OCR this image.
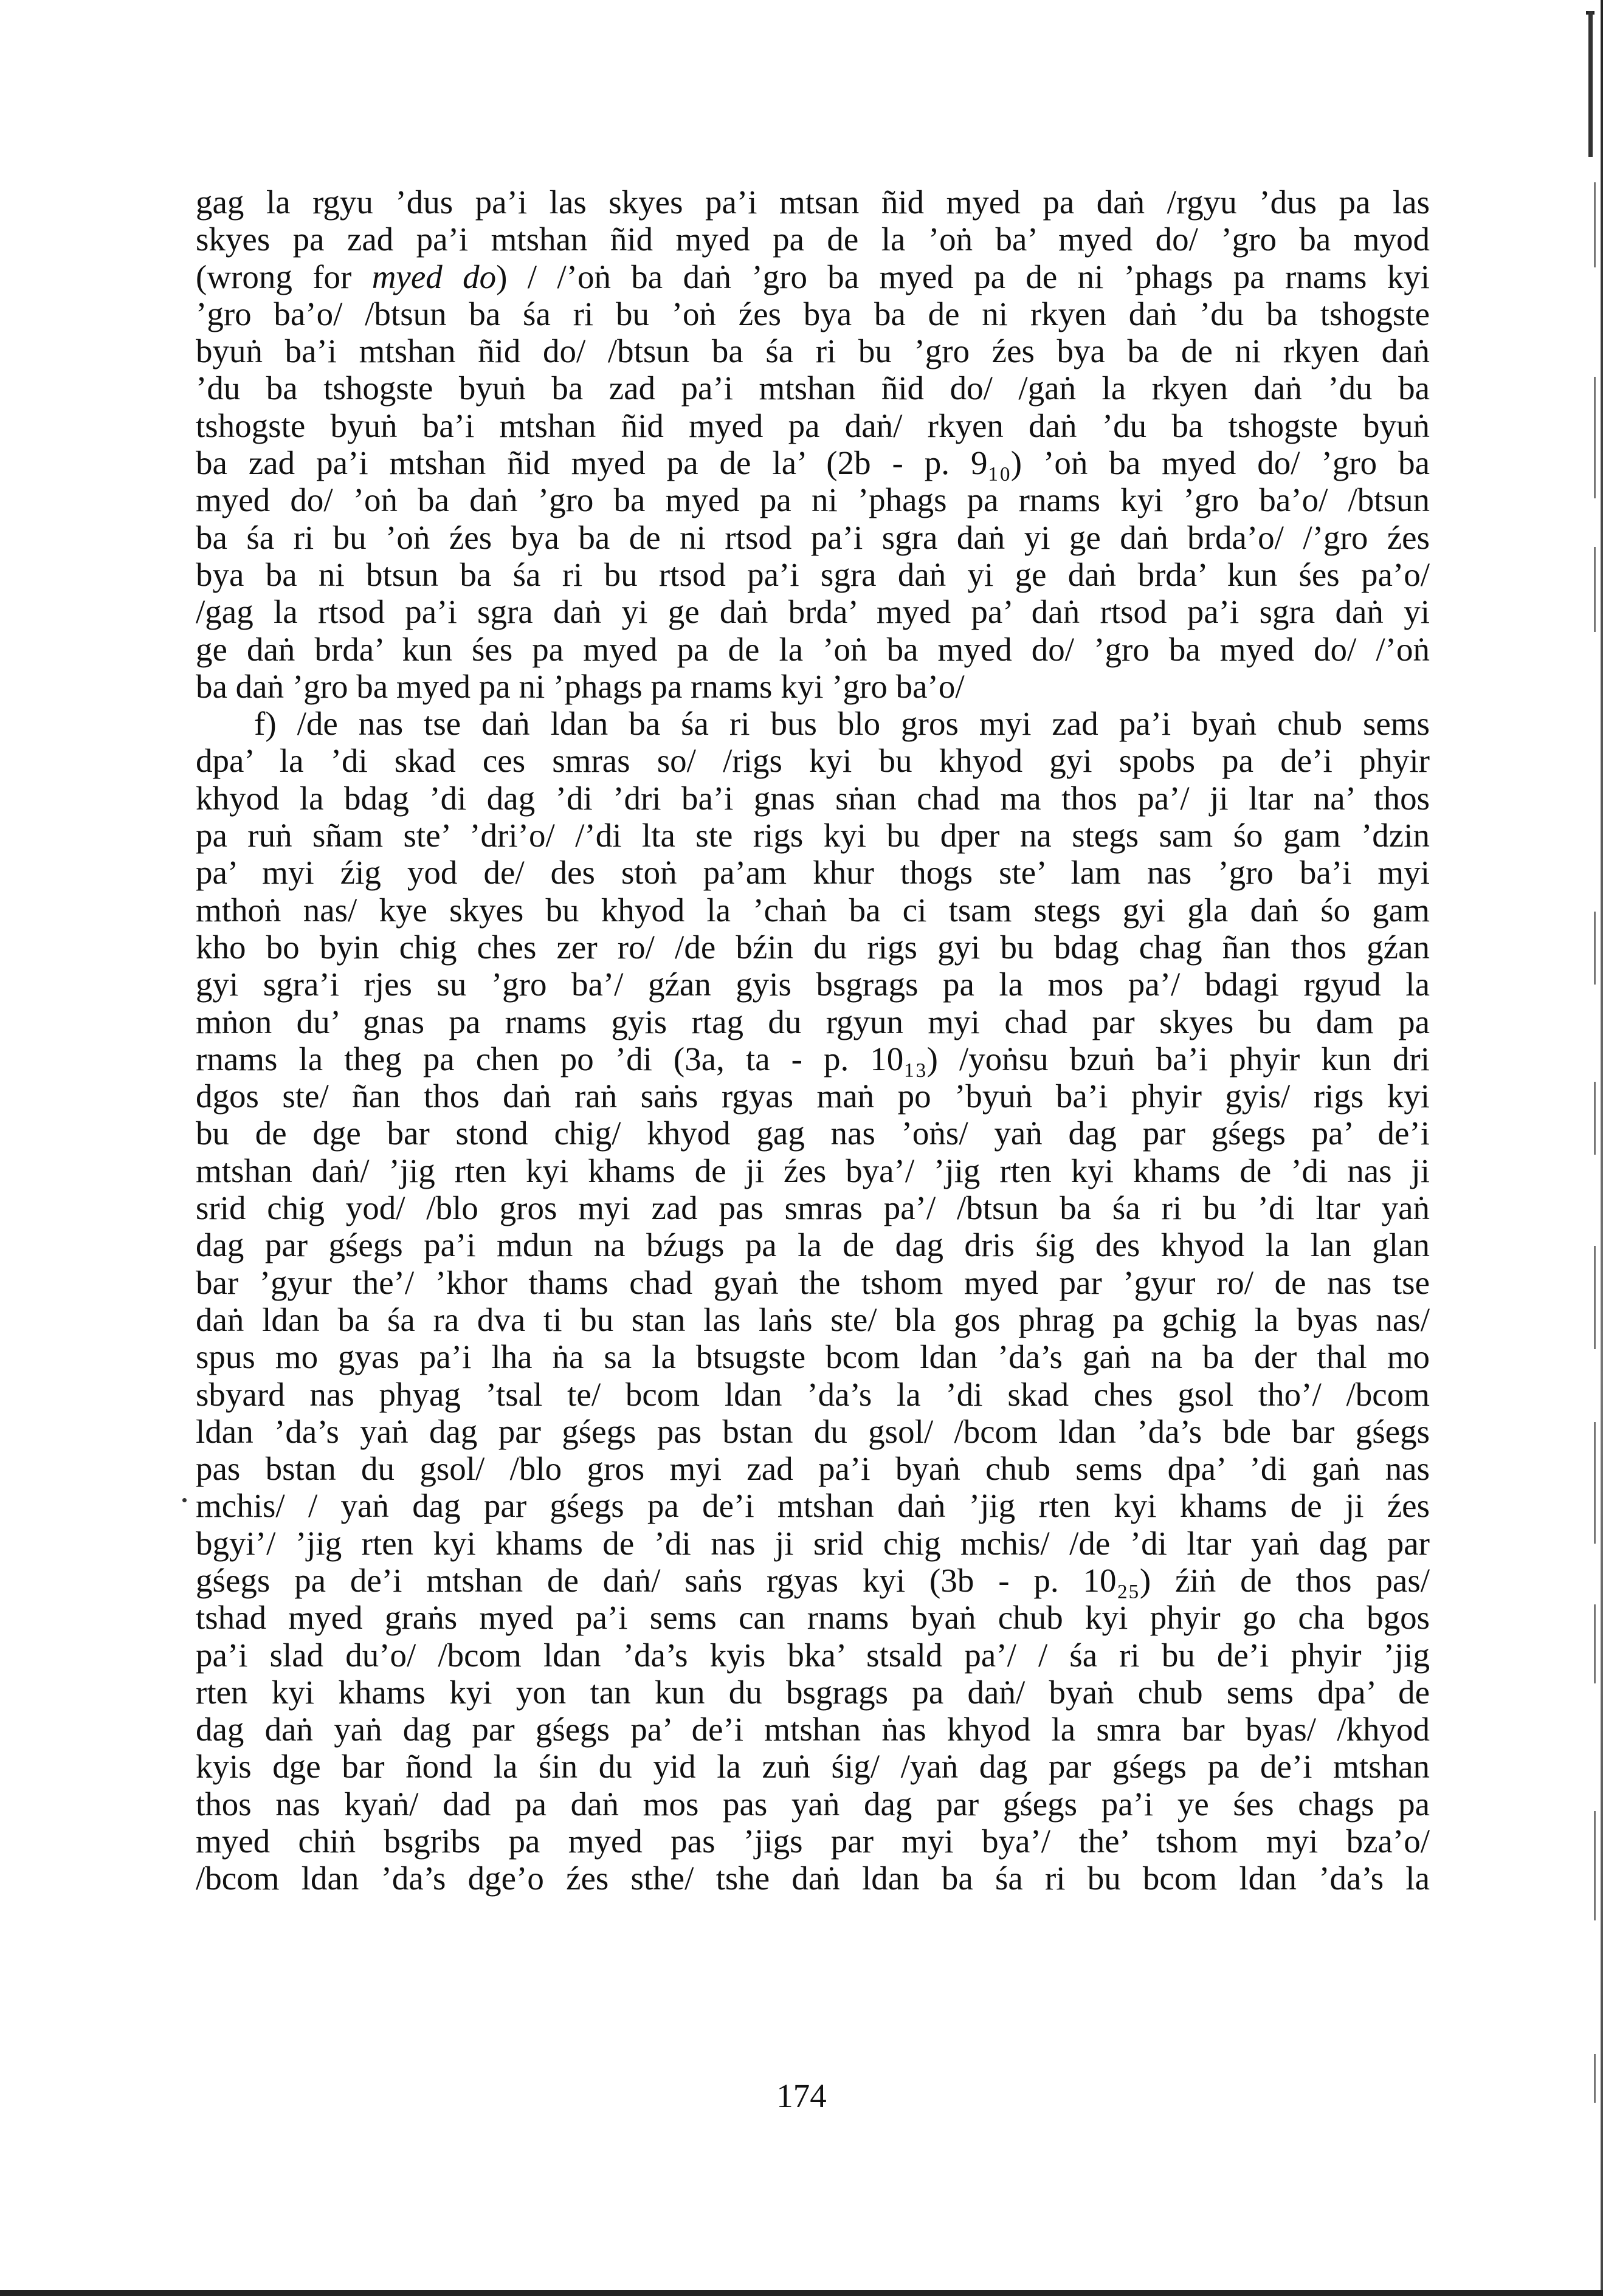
gag la rgyu ’dus pa’i las skyes pa’i mtsan ñid myed pa daṅ /rgyu ’dus pa las
skyes pa zad pa’i mtshan ñid myed pa de la ’oṅ ba’ myed do/ ’gro ba myod
(wrong for myed do) / /’oṅ ba daṅ ’gro ba myed pa de ni ’phags pa rnams kyi
’gro ba’o/ /btsun ba śa ri bu ’oṅ źes bya ba de ni rkyen daṅ ’du ba tshogste
byuṅ ba’i mtshan ñid do/ /btsun ba śa ri bu ’gro źes bya ba de ni rkyen daṅ
’du ba tshogste byuṅ ba zad pa’i mtshan ñid do/ /gaṅ la rkyen daṅ ’du ba
tshogste byuṅ ba’i mtshan ñid myed pa daṅ/ rkyen daṅ ’du ba tshogste byuṅ
ba zad pa’i mtshan ñid myed pa de la’ (2b - p. 9₁₀) ’oṅ ba myed do/ ’gro ba
myed do/ ’oṅ ba daṅ ’gro ba myed pa ni ’phags pa rnams kyi ’gro ba’o/ /btsun
ba śa ri bu ’oṅ źes bya ba de ni rtsod pa’i sgra daṅ yi ge daṅ brda’o/ /’gro źes
bya ba ni btsun ba śa ri bu rtsod pa’i sgra daṅ yi ge daṅ brda’ kun śes pa’o/
/gag la rtsod pa’i sgra daṅ yi ge daṅ brda’ myed pa’ daṅ rtsod pa’i sgra daṅ yi
ge daṅ brda’ kun śes pa myed pa de la ’oṅ ba myed do/ ’gro ba myed do/ /’oṅ
ba daṅ ’gro ba myed pa ni ’phags pa rnams kyi ’gro ba’o/
f) /de nas tse daṅ ldan ba śa ri bus blo gros myi zad pa’i byaṅ chub sems
dpa’ la ’di skad ces smras so/ /rigs kyi bu khyod gyi spobs pa de’i phyir
khyod la bdag ’di dag ’di ’dri ba’i gnas sṅan chad ma thos pa’/ ji ltar na’ thos
pa ruṅ sñam ste’ ’dri’o/ /’di lta ste rigs kyi bu dper na stegs sam śo gam ’dzin
pa’ myi źig yod de/ des stoṅ pa’am khur thogs ste’ lam nas ’gro ba’i myi
mthoṅ nas/ kye skyes bu khyod la ’chaṅ ba ci tsam stegs gyi gla daṅ śo gam
kho bo byin chig ches zer ro/ /de bźin du rigs gyi bu bdag chag ñan thos gźan
gyi sgra’i rjes su ’gro ba’/ gźan gyis bsgrags pa la mos pa’/ bdagi rgyud la
mṅon du’ gnas pa rnams gyis rtag du rgyun myi chad par skyes bu dam pa
rnams la theg pa chen po ’di (3a, ta - p. 10₁₃) /yoṅsu bzuṅ ba’i phyir kun dri
dgos ste/ ñan thos daṅ raṅ saṅs rgyas maṅ po ’byuṅ ba’i phyir gyis/ rigs kyi
bu de dge bar stond chig/ khyod gag nas ’oṅs/ yaṅ dag par gśegs pa’ de’i
mtshan daṅ/ ’jig rten kyi khams de ji źes bya’/ ’jig rten kyi khams de ’di nas ji
srid chig yod/ /blo gros myi zad pas smras pa’/ /btsun ba śa ri bu ’di ltar yaṅ
dag par gśegs pa’i mdun na bźugs pa la de dag dris śig des khyod la lan glan
bar ’gyur the’/ ’khor thams chad gyaṅ the tshom myed par ’gyur ro/ de nas tse
daṅ ldan ba śa ra dva ti bu stan las laṅs ste/ bla gos phrag pa gchig la byas nas/
spus mo gyas pa’i lha ṅa sa la btsugste bcom ldan ’da’s gaṅ na ba der thal mo
sbyard nas phyag ’tsal te/ bcom ldan ’da’s la ’di skad ches gsol tho’/ /bcom
ldan ’da’s yaṅ dag par gśegs pas bstan du gsol/ /bcom ldan ’da’s bde bar gśegs
pas bstan du gsol/ /blo gros myi zad pa’i byaṅ chub sems dpa’ ’di gaṅ nas
mchis/ / yaṅ dag par gśegs pa de’i mtshan daṅ ’jig rten kyi khams de ji źes
bgyi’/ ’jig rten kyi khams de ’di nas ji srid chig mchis/ /de ’di ltar yaṅ dag par
gśegs pa de’i mtshan de daṅ/ saṅs rgyas kyi (3b - p. 10₂₅) źiṅ de thos pas/
tshad myed graṅs myed pa’i sems can rnams byaṅ chub kyi phyir go cha bgos
pa’i slad du’o/ /bcom ldan ’da’s kyis bka’ stsald pa’/ / śa ri bu de’i phyir ’jig
rten kyi khams kyi yon tan kun du bsgrags pa daṅ/ byaṅ chub sems dpa’ de
dag daṅ yaṅ dag par gśegs pa’ de’i mtshan ṅas khyod la smra bar byas/ /khyod
kyis dge bar ñond la śin du yid la zuṅ śig/ /yaṅ dag par gśegs pa de’i mtshan
thos nas kyaṅ/ dad pa daṅ mos pas yaṅ dag par gśegs pa’i ye śes chags pa
myed chiṅ bsgribs pa myed pas ’jigs par myi bya’/ the’ tshom myi bza’o/
/bcom ldan ’da’s dge’o źes sthe/ tshe daṅ ldan ba śa ri bu bcom ldan ’da’s la
174
